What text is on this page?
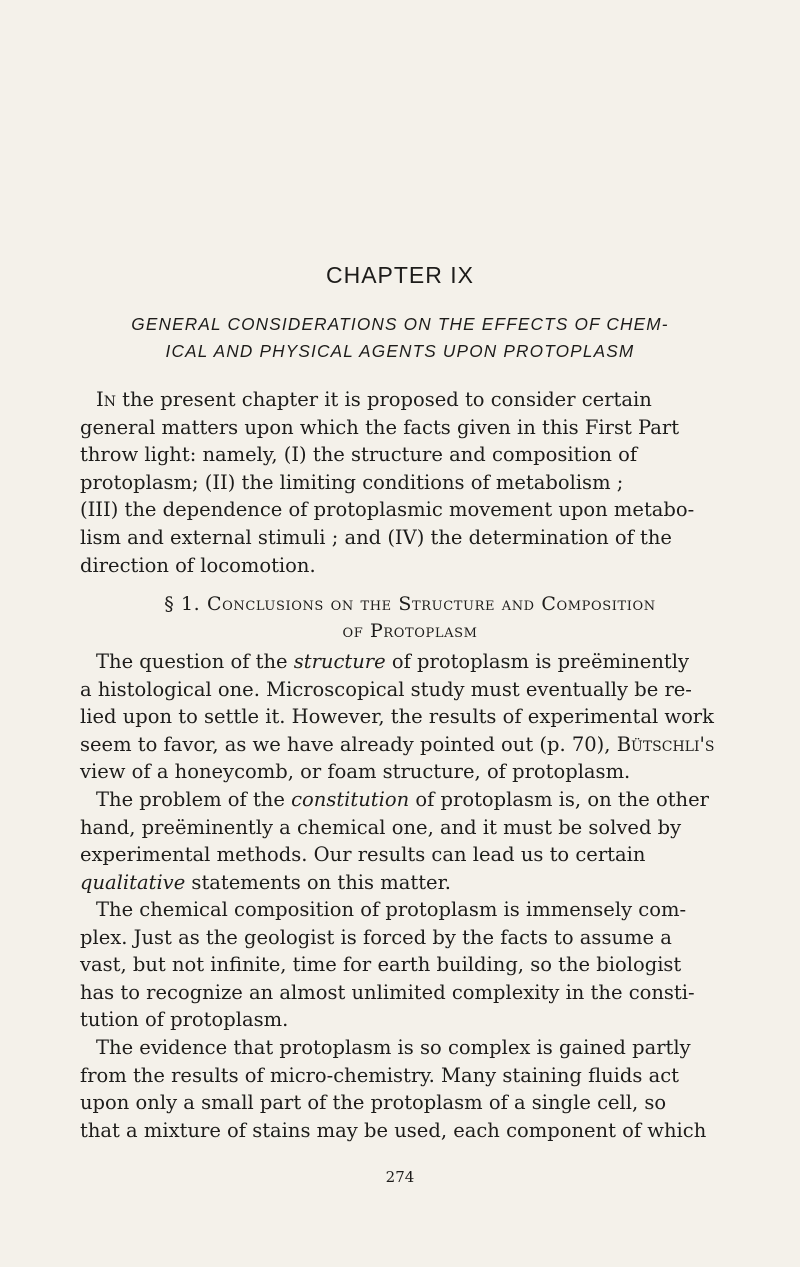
CHAPTER IX
GENERAL CONSIDERATIONS ON THE EFFECTS OF CHEM-
ICAL AND PHYSICAL AGENTS UPON PROTOPLASM
In the present chapter it is proposed to consider certain
general matters upon which the facts given in this First Part
throw light: namely, (I) the structure and composition of
protoplasm; (II) the limiting conditions of metabolism ;
(III) the dependence of protoplasmic movement upon metabo-
lism and external stimuli ; and (IV) the determination of the
direction of locomotion.
§ 1. Conclusions on the Structure and Composition
of Protoplasm
The question of the structure of protoplasm is preëminently
a histological one. Microscopical study must eventually be re-
lied upon to settle it. However, the results of experimental work
seem to favor, as we have already pointed out (p. 70), Bütschli's
view of a honeycomb, or foam structure, of protoplasm.
The problem of the constitution of protoplasm is, on the other
hand, preëminently a chemical one, and it must be solved by
experimental methods. Our results can lead us to certain
qualitative statements on this matter.
The chemical composition of protoplasm is immensely com-
plex. Just as the geologist is forced by the facts to assume a
vast, but not infinite, time for earth building, so the biologist
has to recognize an almost unlimited complexity in the consti-
tution of protoplasm.
The evidence that protoplasm is so complex is gained partly
from the results of micro-chemistry. Many staining fluids act
upon only a small part of the protoplasm of a single cell, so
that a mixture of stains may be used, each component of which
274
